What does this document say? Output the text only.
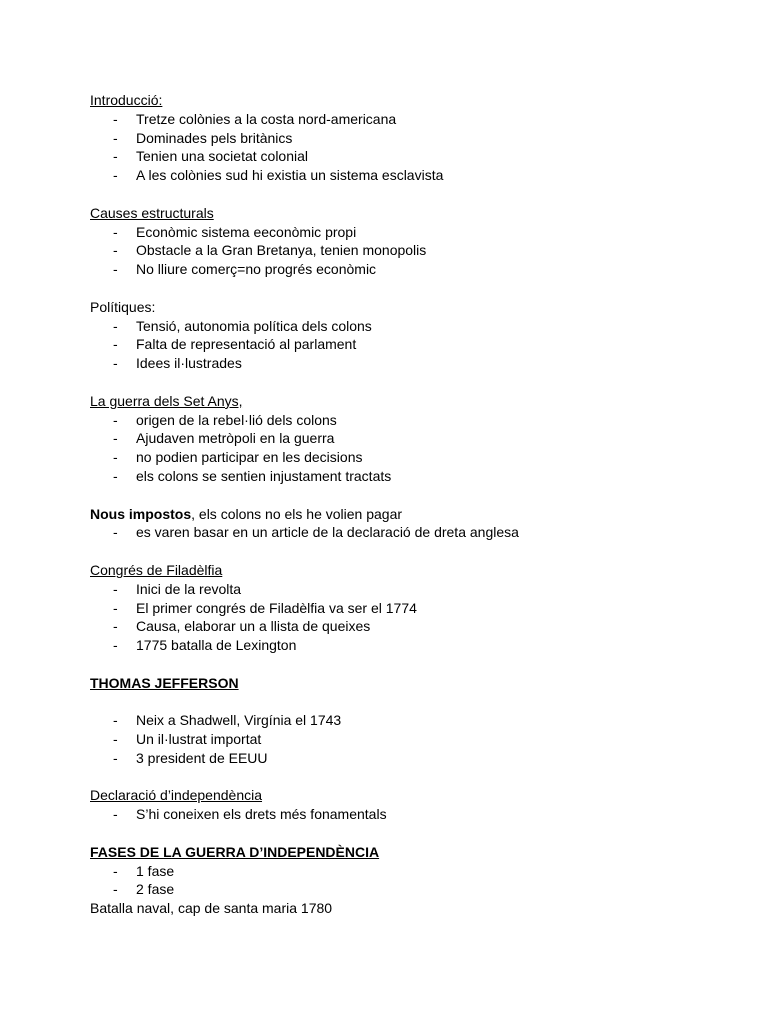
Introducció:
- Tretze colònies a la costa nord-americana
- Dominades pels britànics
- Tenien una societat colonial
- A les colònies sud hi existia un sistema esclavista
Causes estructurals
- Econòmic sistema eeconòmic propi
- Obstacle a la Gran Bretanya, tenien monopolis
- No lliure comerç=no progrés econòmic
Polítiques:
- Tensió, autonomia política dels colons
- Falta de representació al parlament
- Idees il·lustrades
La guerra dels Set Anys,
- origen de la rebel·lió dels colons
- Ajudaven metròpoli en la guerra
- no podien participar en les decisions
- els colons se sentien injustament tractats
Nous impostos, els colons no els he volien pagar
- es varen basar en un article de la declaració de dreta anglesa
Congrés de Filadèlfia
- Inici de la revolta
- El primer congrés de Filadèlfia va ser el 1774
- Causa, elaborar un a llista de queixes
- 1775 batalla de Lexington
THOMAS JEFFERSON
- Neix a Shadwell, Virgínia el 1743
- Un il·lustrat importat
- 3 president de EEUU
Declaració d’independència
- S’hi coneixen els drets més fonamentals
FASES DE LA GUERRA D’INDEPENDÈNCIA
- 1 fase
- 2 fase
Batalla naval, cap de santa maria 1780
